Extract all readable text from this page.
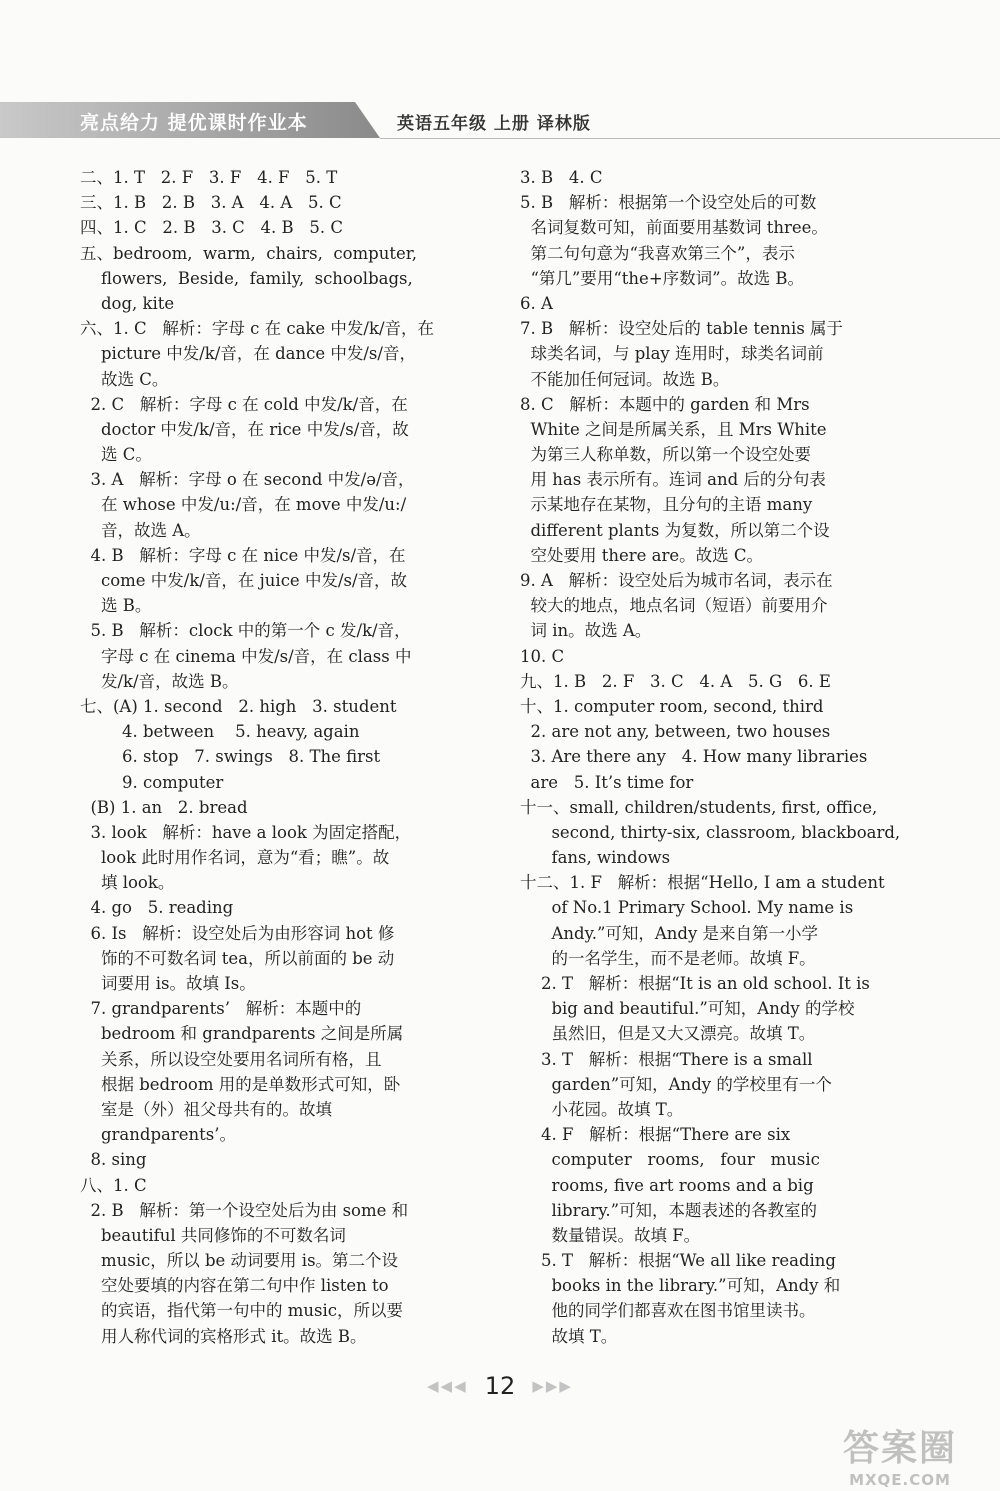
亮点给力 提优课时作业本	英语五年级 上册 译林版
二、1. T   2. F   3. F   4. F   5. T
三、1. B   2. B   3. A   4. A   5. C
四、1. C   2. B   3. C   4. B   5. C
五、bedroom,  warm,  chairs,  computer,
flowers,  Beside,  family,  schoolbags,
dog, kite
六、1. C   解析：字母 c 在 cake 中发/k/音，在
picture 中发/k/音，在 dance 中发/s/音，
故选 C。
2. C   解析：字母 c 在 cold 中发/k/音，在
doctor 中发/k/音，在 rice 中发/s/音，故
选 C。
3. A   解析：字母 o 在 second 中发/ə/音，
在 whose 中发/u:/音，在 move 中发/u:/
音，故选 A。
4. B   解析：字母 c 在 nice 中发/s/音，在
come 中发/k/音，在 juice 中发/s/音，故
选 B。
5. B   解析：clock 中的第一个 c 发/k/音，
字母 c 在 cinema 中发/s/音，在 class 中
发/k/音，故选 B。
七、(A) 1. second   2. high   3. student
4. between    5. heavy, again
6. stop   7. swings   8. The first
9. computer
(B) 1. an   2. bread
3. look   解析：have a look 为固定搭配，
look 此时用作名词，意为“看；瞧”。故
填 look。
4. go   5. reading
6. Is   解析：设空处后为由形容词 hot 修
饰的不可数名词 tea，所以前面的 be 动
词要用 is。故填 Is。
7. grandparents’   解析：本题中的
bedroom 和 grandparents 之间是所属
关系，所以设空处要用名词所有格，且
根据 bedroom 用的是单数形式可知，卧
室是（外）祖父母共有的。故填
grandparents’。
8. sing
八、1. C
2. B   解析：第一个设空处后为由 some 和
beautiful 共同修饰的不可数名词
music，所以 be 动词要用 is。第二个设
空处要填的内容在第二句中作 listen to
的宾语，指代第一句中的 music，所以要
用人称代词的宾格形式 it。故选 B。
3. B   4. C
5. B   解析：根据第一个设空处后的可数
名词复数可知，前面要用基数词 three。
第二句句意为“我喜欢第三个”，表示
“第几”要用“the+序数词”。故选 B。
6. A
7. B   解析：设空处后的 table tennis 属于
球类名词，与 play 连用时，球类名词前
不能加任何冠词。故选 B。
8. C   解析：本题中的 garden 和 Mrs
White 之间是所属关系，且 Mrs White
为第三人称单数，所以第一个设空处要
用 has 表示所有。连词 and 后的分句表
示某地存在某物，且分句的主语 many
different plants 为复数，所以第二个设
空处要用 there are。故选 C。
9. A   解析：设空处后为城市名词，表示在
较大的地点，地点名词（短语）前要用介
词 in。故选 A。
10. C
九、1. B   2. F   3. C   4. A   5. G   6. E
十、1. computer room, second, third
2. are not any, between, two houses
3. Are there any   4. How many libraries
are   5. It’s time for
十一、small, children/students, first, office,
second, thirty-six, classroom, blackboard,
fans, windows
十二、1. F   解析：根据“Hello, I am a student
of No.1 Primary School. My name is
Andy.”可知，Andy 是来自第一小学
的一名学生，而不是老师。故填 F。
2. T   解析：根据“It is an old school. It is
big and beautiful.”可知，Andy 的学校
虽然旧，但是又大又漂亮。故填 T。
3. T   解析：根据“There is a small
garden”可知，Andy 的学校里有一个
小花园。故填 T。
4. F   解析：根据“There are six
computer   rooms,   four   music
rooms, five art rooms and a big
library.”可知，本题表述的各教室的
数量错误。故填 F。
5. T   解析：根据“We all like reading
books in the library.”可知，Andy 和
他的同学们都喜欢在图书馆里读书。
故填 T。
◀◀◀ 12 ▶▶▶
答案圈
MXQE.COM
